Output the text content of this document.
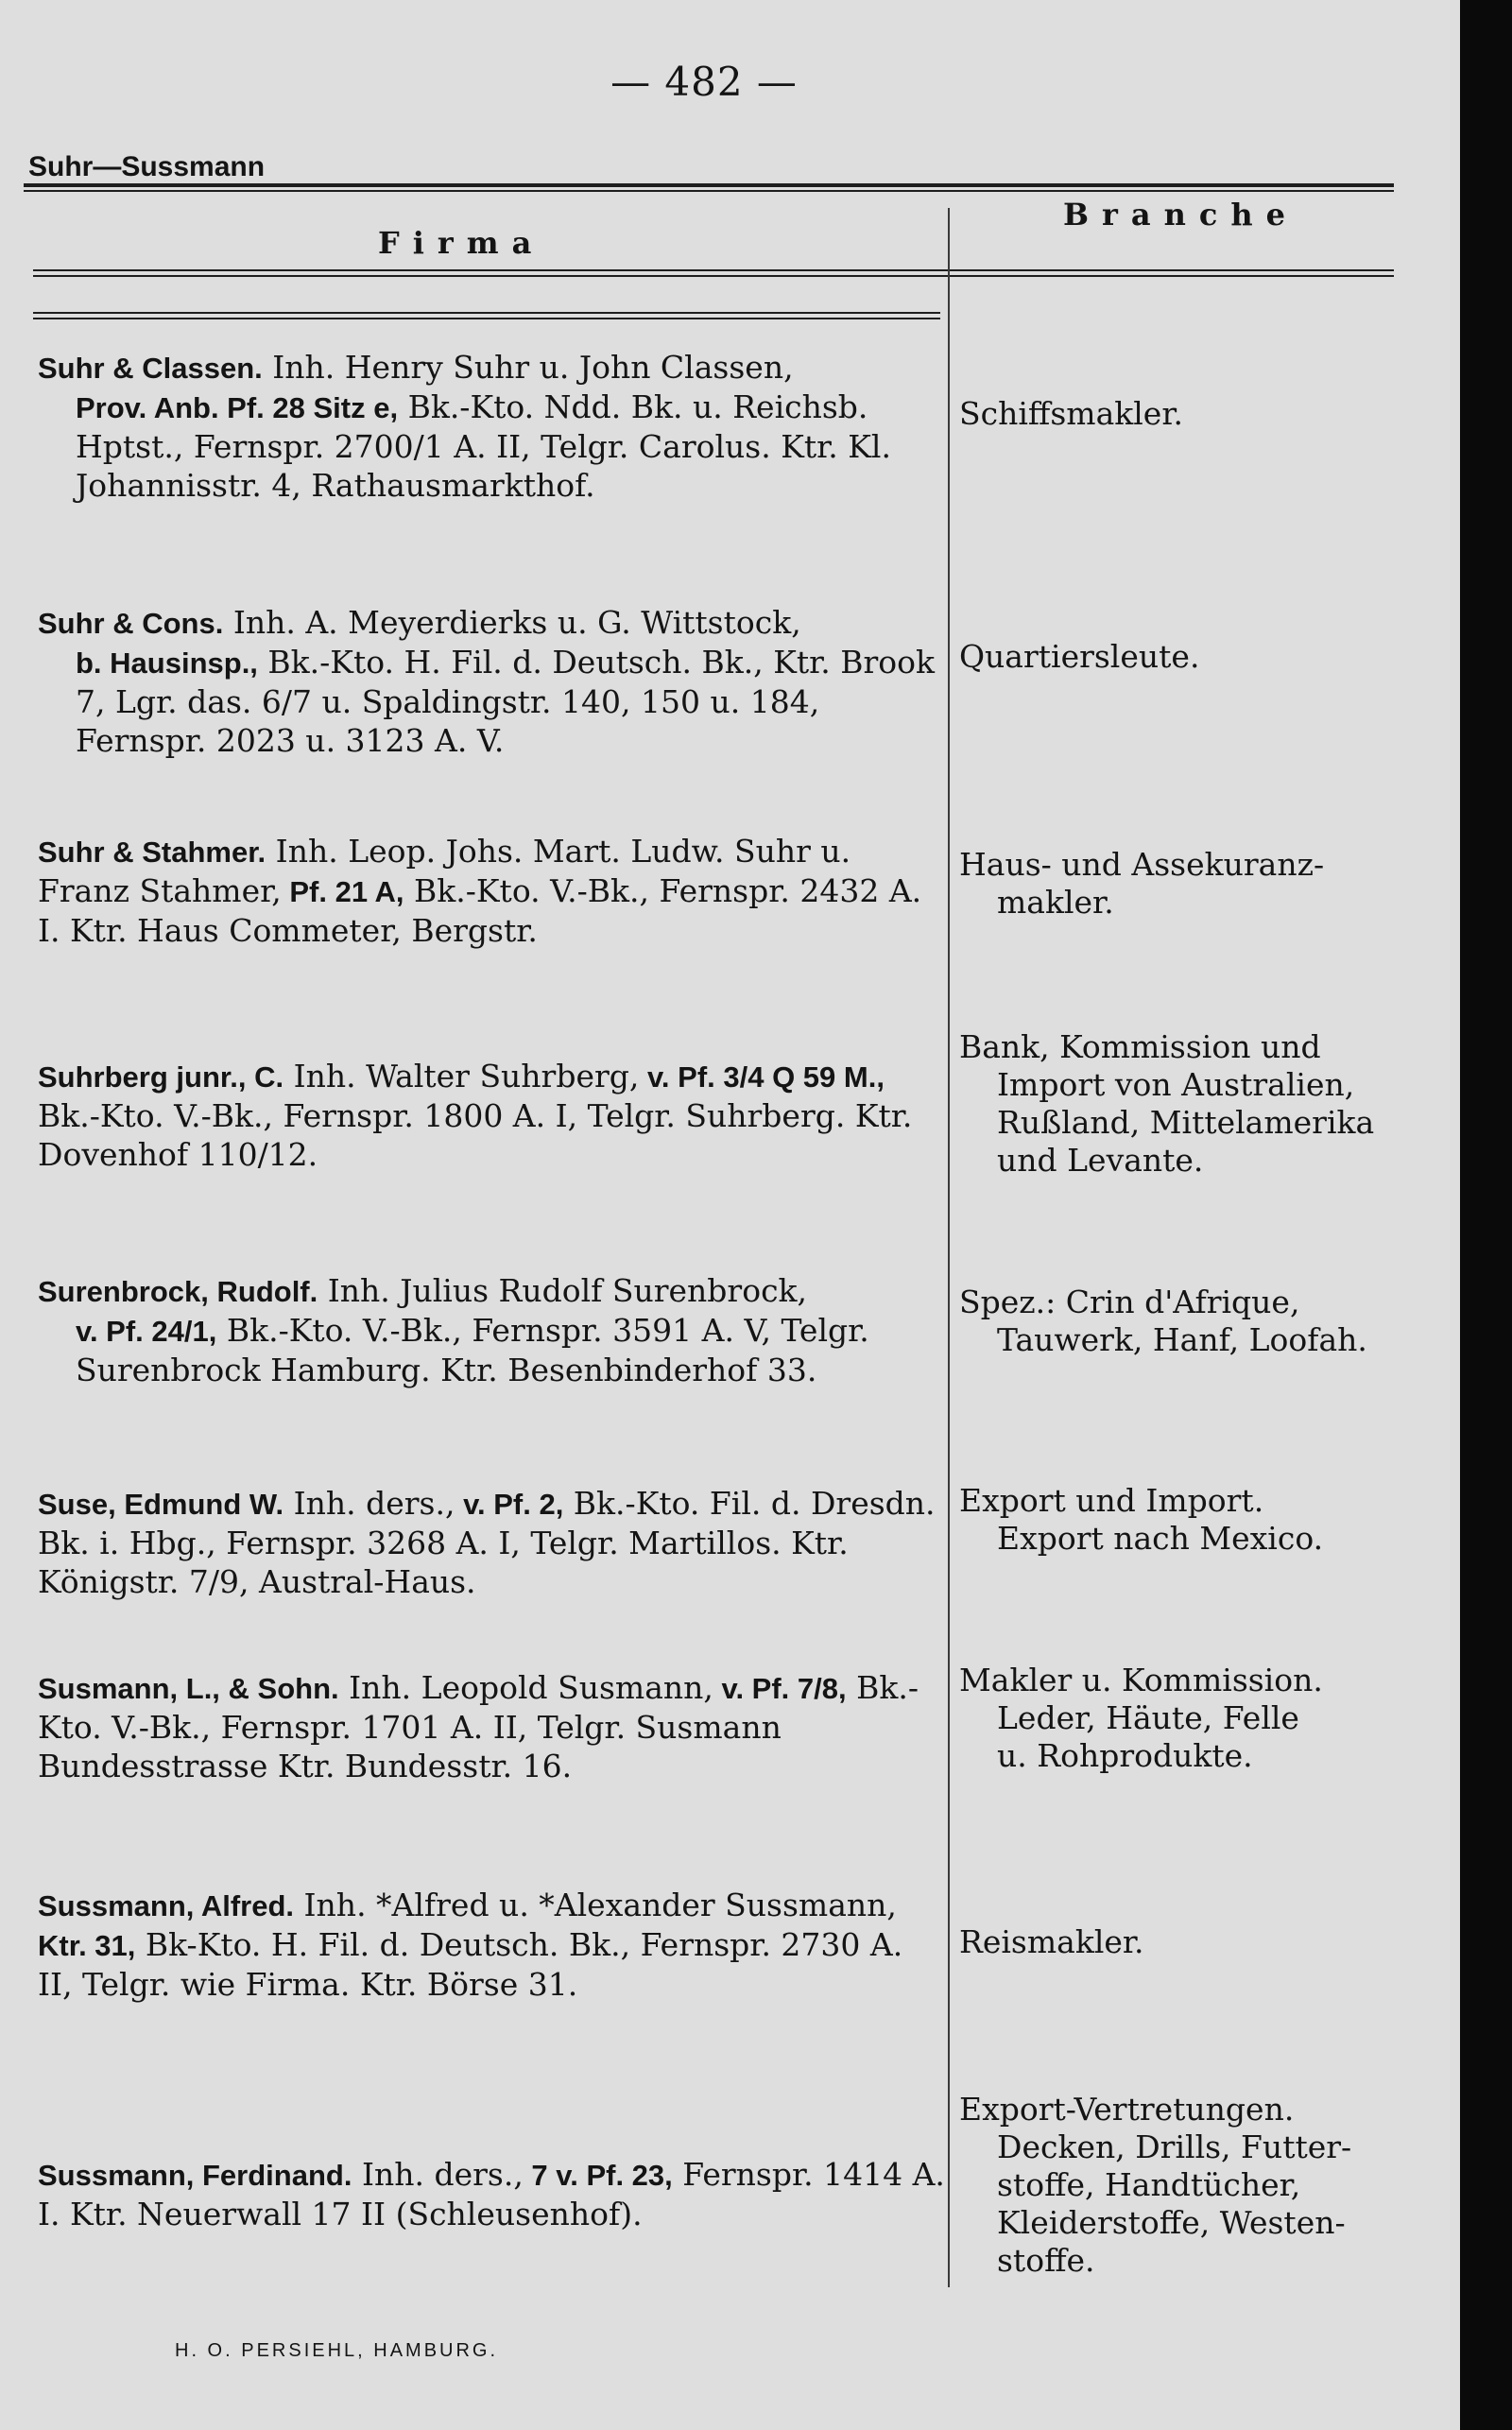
— 482 —
Suhr—Sussmann
Firma
Branche

Suhr & Classen. Inh. Henry Suhr u. John Classen,
Prov. Anb. Pf. 28 Sitz e, Bk.-Kto. Ndd. Bk. u. Reichsb. Hptst., Fernspr. 2700/1 A. II, Telgr. Carolus. Ktr. Kl. Johannisstr. 4, Rathausmarkthof.

Schiffsmakler.

Suhr & Cons. Inh. A. Meyerdierks u. G. Wittstock,
b. Hausinsp., Bk.-Kto. H. Fil. d. Deutsch. Bk., Ktr. Brook 7, Lgr. das. 6/7 u. Spaldingstr. 140, 150 u. 184, Fernspr. 2023 u. 3123 A. V.

Quartiersleute.

Suhr & Stahmer. Inh. Leop. Johs. Mart. Ludw. Suhr u. Franz Stahmer, Pf. 21 A, Bk.-Kto. V.-Bk., Fernspr. 2432 A. I. Ktr. Haus Commeter, Bergstr.

Haus- und Assekuranz-
makler.

Suhrberg junr., C. Inh. Walter Suhrberg, v. Pf. 3/4 Q 59 M., Bk.-Kto. V.-Bk., Fernspr. 1800 A. I, Telgr. Suhrberg. Ktr. Dovenhof 110/12.

Bank, Kommission und
Import von Australien,
Rußland, Mittelamerika
und Levante.

Surenbrock, Rudolf. Inh. Julius Rudolf Surenbrock,
v. Pf. 24/1, Bk.-Kto. V.-Bk., Fernspr. 3591 A. V, Telgr. Surenbrock Hamburg. Ktr. Besenbinderhof 33.

Spez.: Crin d'Afrique,
Tauwerk, Hanf, Loofah.

Suse, Edmund W. Inh. ders., v. Pf. 2, Bk.-Kto. Fil. d. Dresdn. Bk. i. Hbg., Fernspr. 3268 A. I, Telgr. Martillos. Ktr. Königstr. 7/9, Austral-Haus.

Export und Import.
Export nach Mexico.

Susmann, L., & Sohn. Inh. Leopold Susmann, v. Pf. 7/8, Bk.-Kto. V.-Bk., Fernspr. 1701 A. II, Telgr. Susmann Bundesstrasse Ktr. Bundesstr. 16.

Makler u. Kommission.
Leder, Häute, Felle
u. Rohprodukte.

Sussmann, Alfred. Inh. *Alfred u. *Alexander Sussmann, Ktr. 31, Bk-Kto. H. Fil. d. Deutsch. Bk., Fernspr. 2730 A. II, Telgr. wie Firma. Ktr. Börse 31.

Reismakler.

Sussmann, Ferdinand. Inh. ders., 7 v. Pf. 23, Fernspr. 1414 A. I. Ktr. Neuerwall 17 II (Schleusenhof).

Export-Vertretungen.
Decken, Drills, Futter-
stoffe, Handtücher,
Kleiderstoffe, Westen-
stoffe.
H. O. PERSIEHL, HAMBURG.
